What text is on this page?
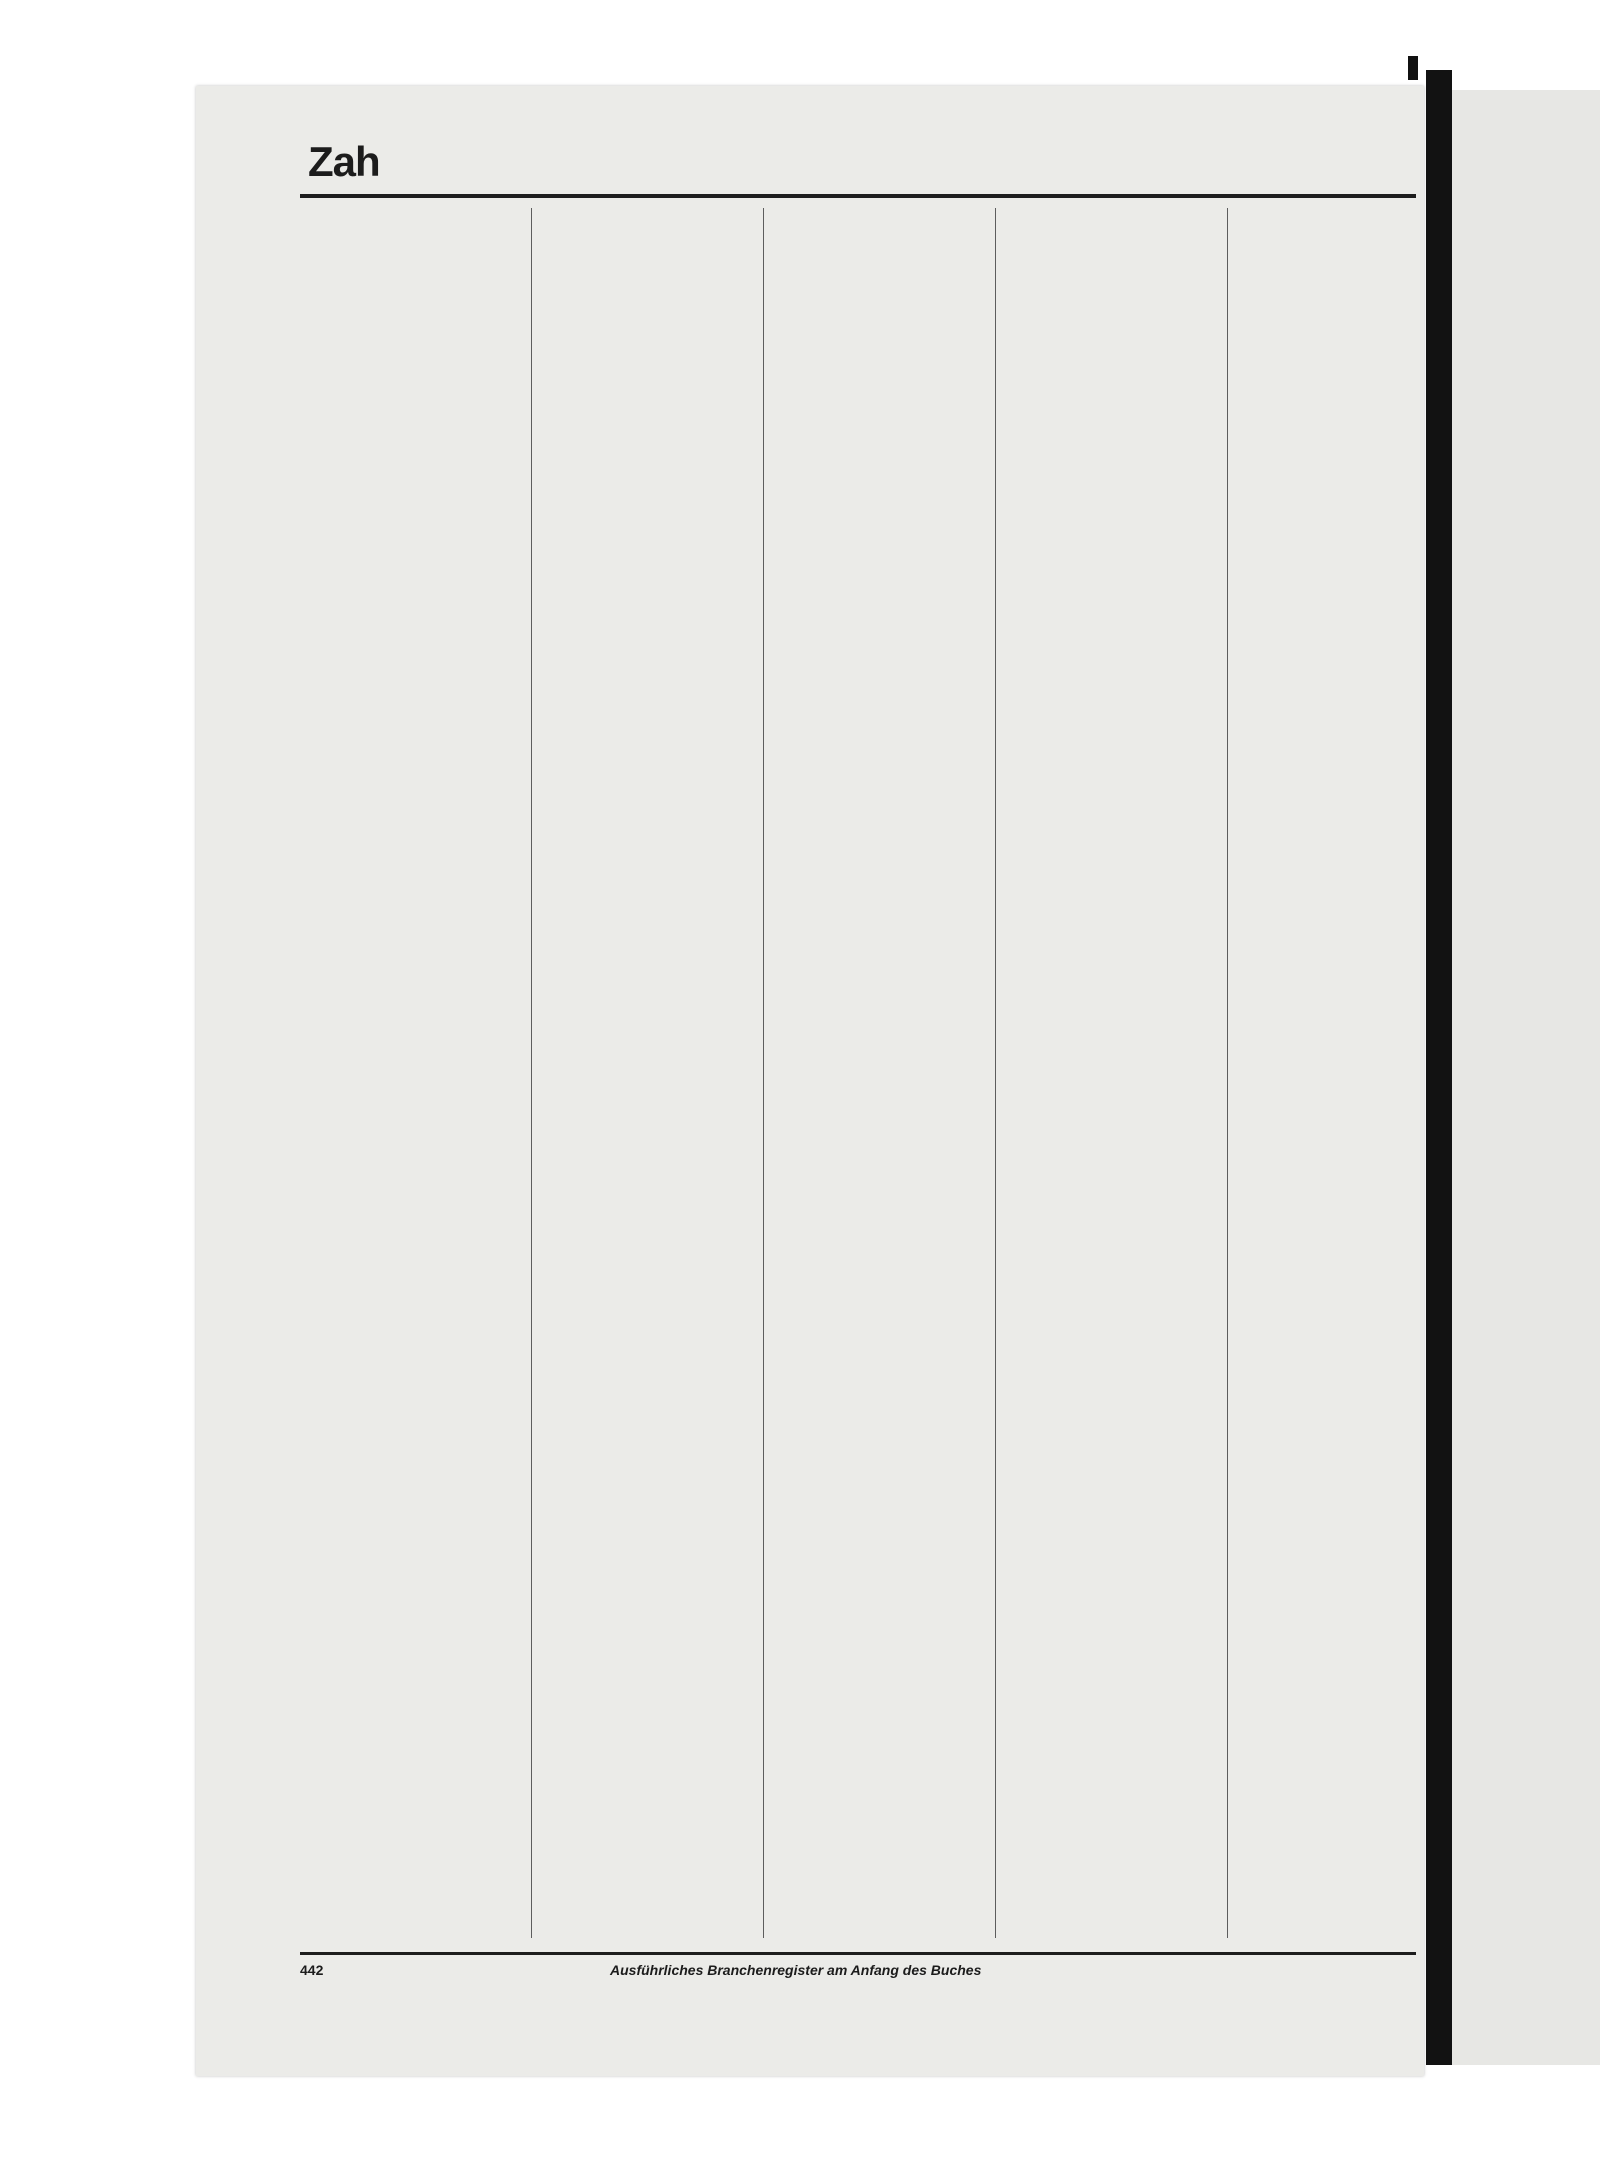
Zah
442	Ausführliches Branchenregister am Anfang des Buches
